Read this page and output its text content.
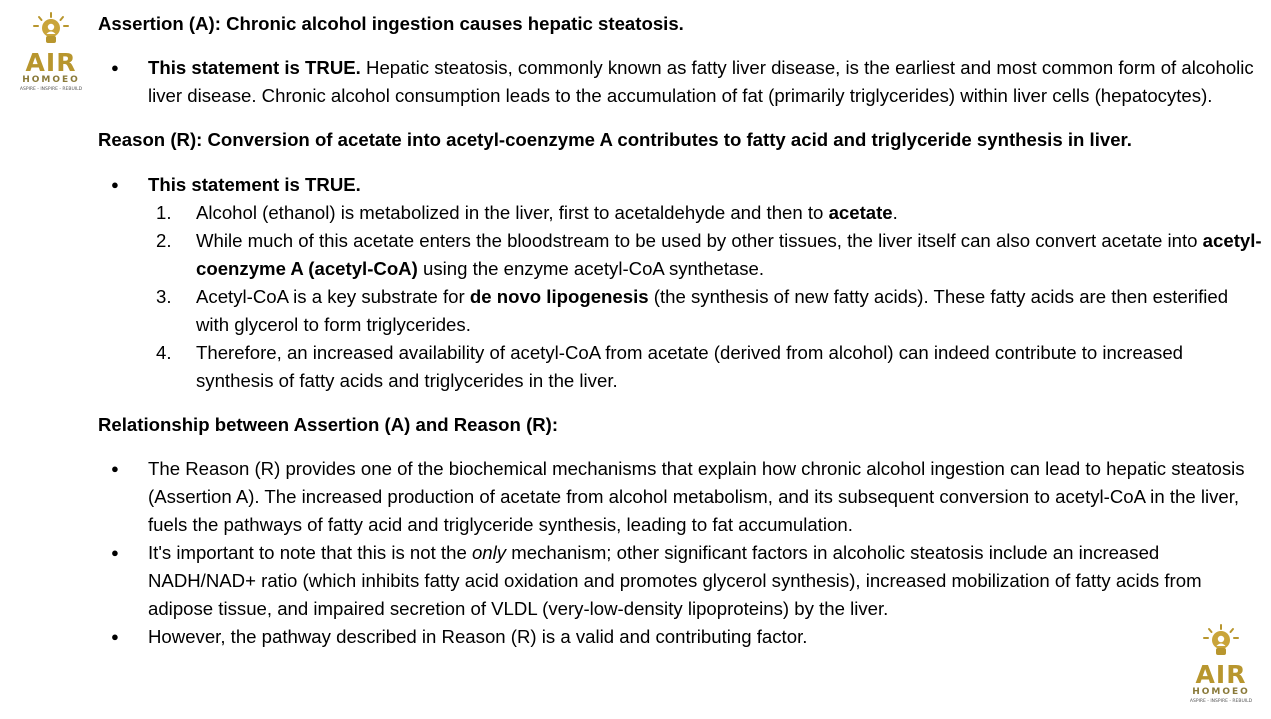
AIR
HOMOEO
ASPIRE - INSPIRE - REBUILD
AIR
HOMOEO
ASPIRE - INSPIRE - REBUILD

Assertion (A): Chronic alcohol ingestion causes hepatic steatosis.

● This statement is TRUE. Hepatic steatosis, commonly known as fatty liver disease, is the earliest and most common form of alcoholic liver disease. Chronic alcohol consumption leads to the accumulation of fat (primarily triglycerides) within liver cells (hepatocytes).

Reason (R): Conversion of acetate into acetyl-coenzyme A contributes to fatty acid and triglyceride synthesis in liver.

● This statement is TRUE.
1. Alcohol (ethanol) is metabolized in the liver, first to acetaldehyde and then to acetate.
2. While much of this acetate enters the bloodstream to be used by other tissues, the liver itself can also convert acetate into acetyl-coenzyme A (acetyl-CoA) using the enzyme acetyl-CoA synthetase.
3. Acetyl-CoA is a key substrate for de novo lipogenesis (the synthesis of new fatty acids). These fatty acids are then esterified with glycerol to form triglycerides.
4. Therefore, an increased availability of acetyl-CoA from acetate (derived from alcohol) can indeed contribute to increased synthesis of fatty acids and triglycerides in the liver.

Relationship between Assertion (A) and Reason (R):

● The Reason (R) provides one of the biochemical mechanisms that explain how chronic alcohol ingestion can lead to hepatic steatosis (Assertion A). The increased production of acetate from alcohol metabolism, and its subsequent conversion to acetyl-CoA in the liver, fuels the pathways of fatty acid and triglyceride synthesis, leading to fat accumulation.
● It's important to note that this is not the only mechanism; other significant factors in alcoholic steatosis include an increased NADH/NAD+ ratio (which inhibits fatty acid oxidation and promotes glycerol synthesis), increased mobilization of fatty acids from adipose tissue, and impaired secretion of VLDL (very-low-density lipoproteins) by the liver.
● However, the pathway described in Reason (R) is a valid and contributing factor.
